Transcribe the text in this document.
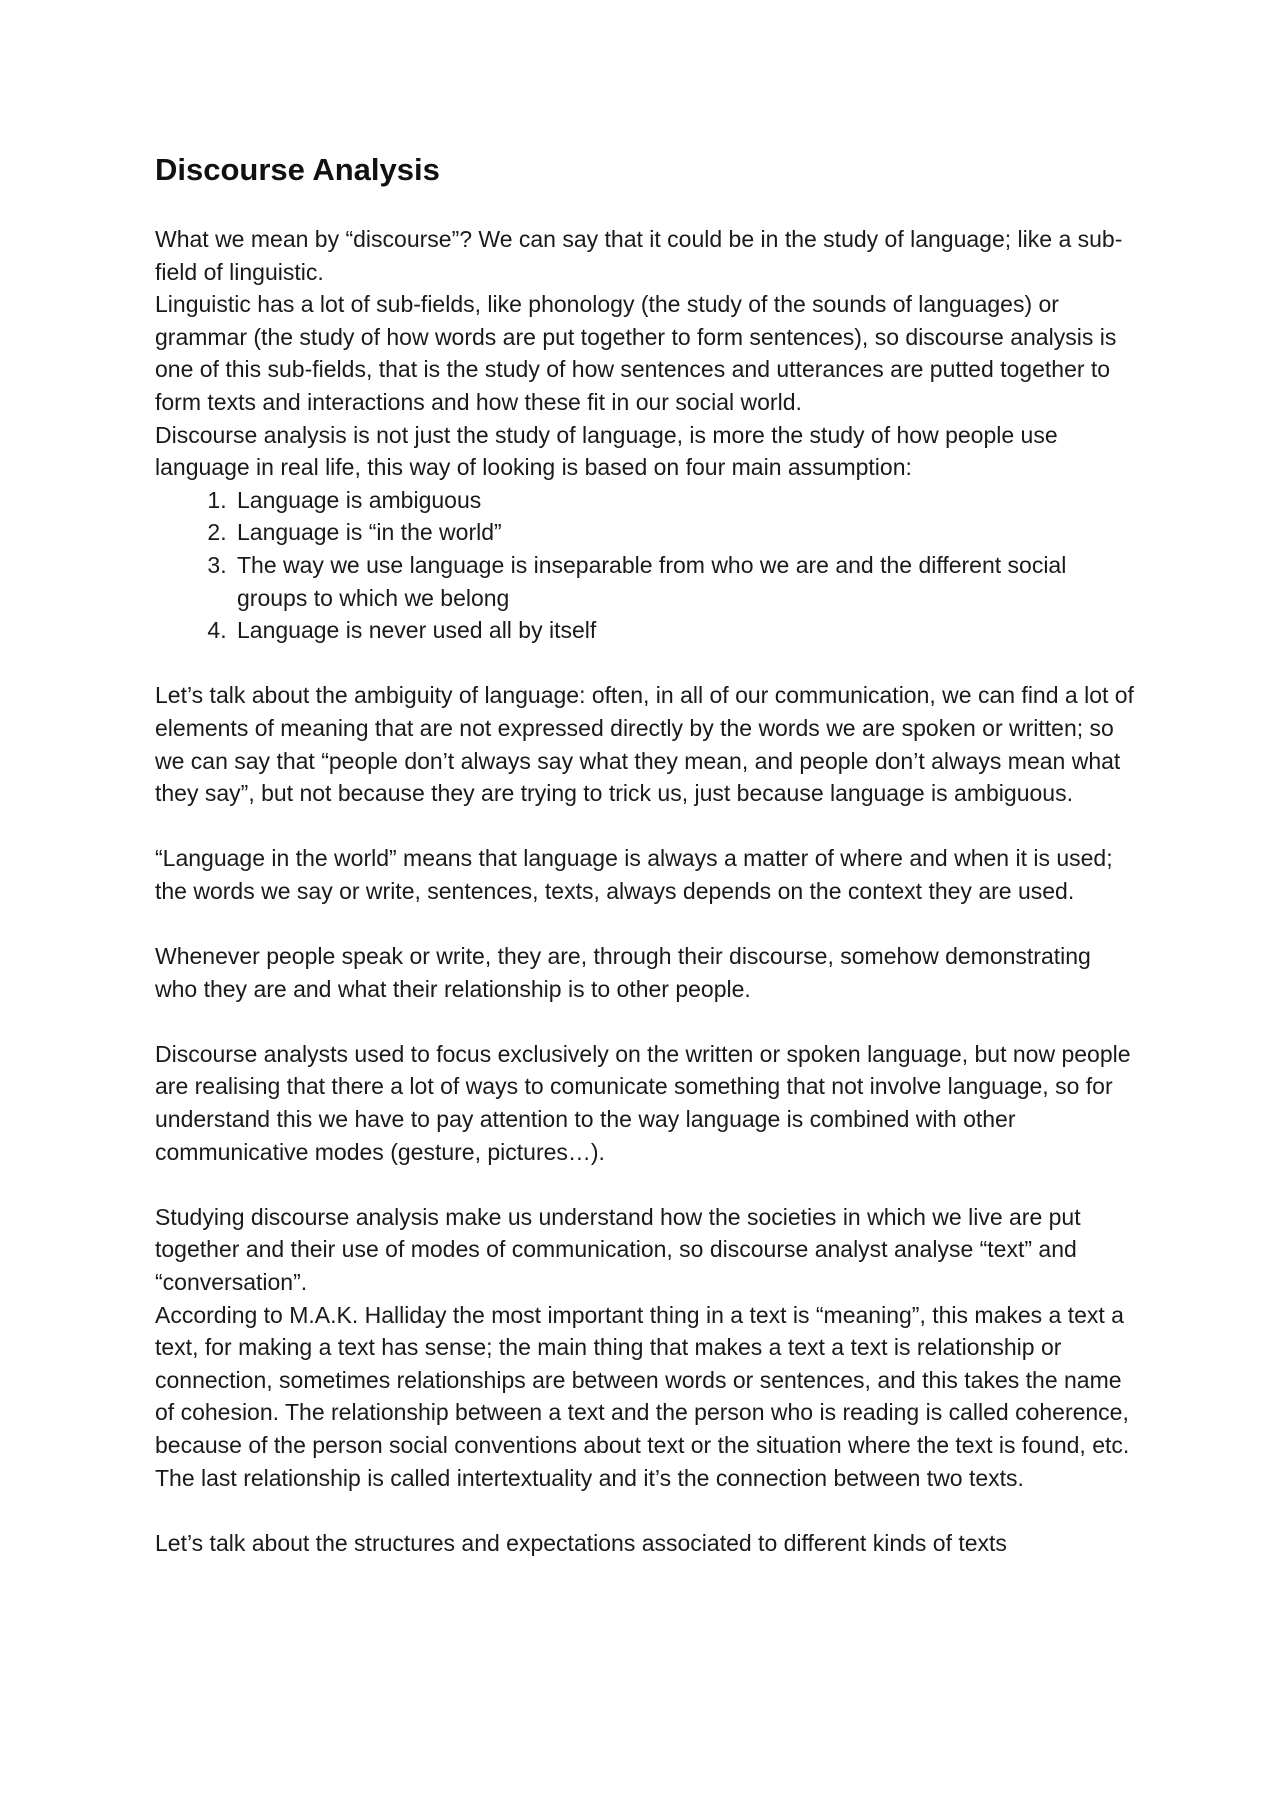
Discourse Analysis

What we mean by “discourse”? We can say that it could be in the study of language; like a sub-field of linguistic.

Linguistic has a lot of sub-fields, like phonology (the study of the sounds of languages) or grammar (the study of how words are put together to form sentences), so discourse analysis is one of this sub-fields, that is the study of how sentences and utterances are putted together to form texts and interactions and how these fit in our social world.

Discourse analysis is not just the study of language, is more the study of how people use language in real life, this way of looking is based on four main assumption:

1. Language is ambiguous
2. Language is “in the world”
3. The way we use language is inseparable from who we are and the different social groups to which we belong
4. Language is never used all by itself

Let’s talk about the ambiguity of language: often, in all of our communication, we can find a lot of elements of meaning that are not expressed directly by the words we are spoken or written; so we can say that “people don’t always say what they mean, and people don’t always mean what they say”, but not because they are trying to trick us, just because language is ambiguous.

“Language in the world” means that language is always a matter of where and when it is used; the words we say or write, sentences, texts, always depends on the context they are used.

Whenever people speak or write, they are, through their discourse, somehow demonstrating who they are and what their relationship is to other people.

Discourse analysts used to focus exclusively on the written or spoken language, but now people are realising that there a lot of ways to comunicate something that not involve language, so for understand this we have to pay attention to the way language is combined with other communicative modes (gesture, pictures…).

Studying discourse analysis make us understand how the societies in which we live are put together and their use of modes of communication, so discourse analyst analyse “text” and “conversation”.

According to M.A.K. Halliday the most important thing in a text is “meaning”, this makes a text a text, for making a text has sense; the main thing that makes a text a text is relationship or connection, sometimes relationships are between words or sentences, and this takes the name of cohesion. The relationship between a text and the person who is reading is called coherence, because of the person social conventions about text or the situation where the text is found, etc. The last relationship is called intertextuality and it’s the connection between two texts.

Let’s talk about the structures and expectations associated to different kinds of texts
